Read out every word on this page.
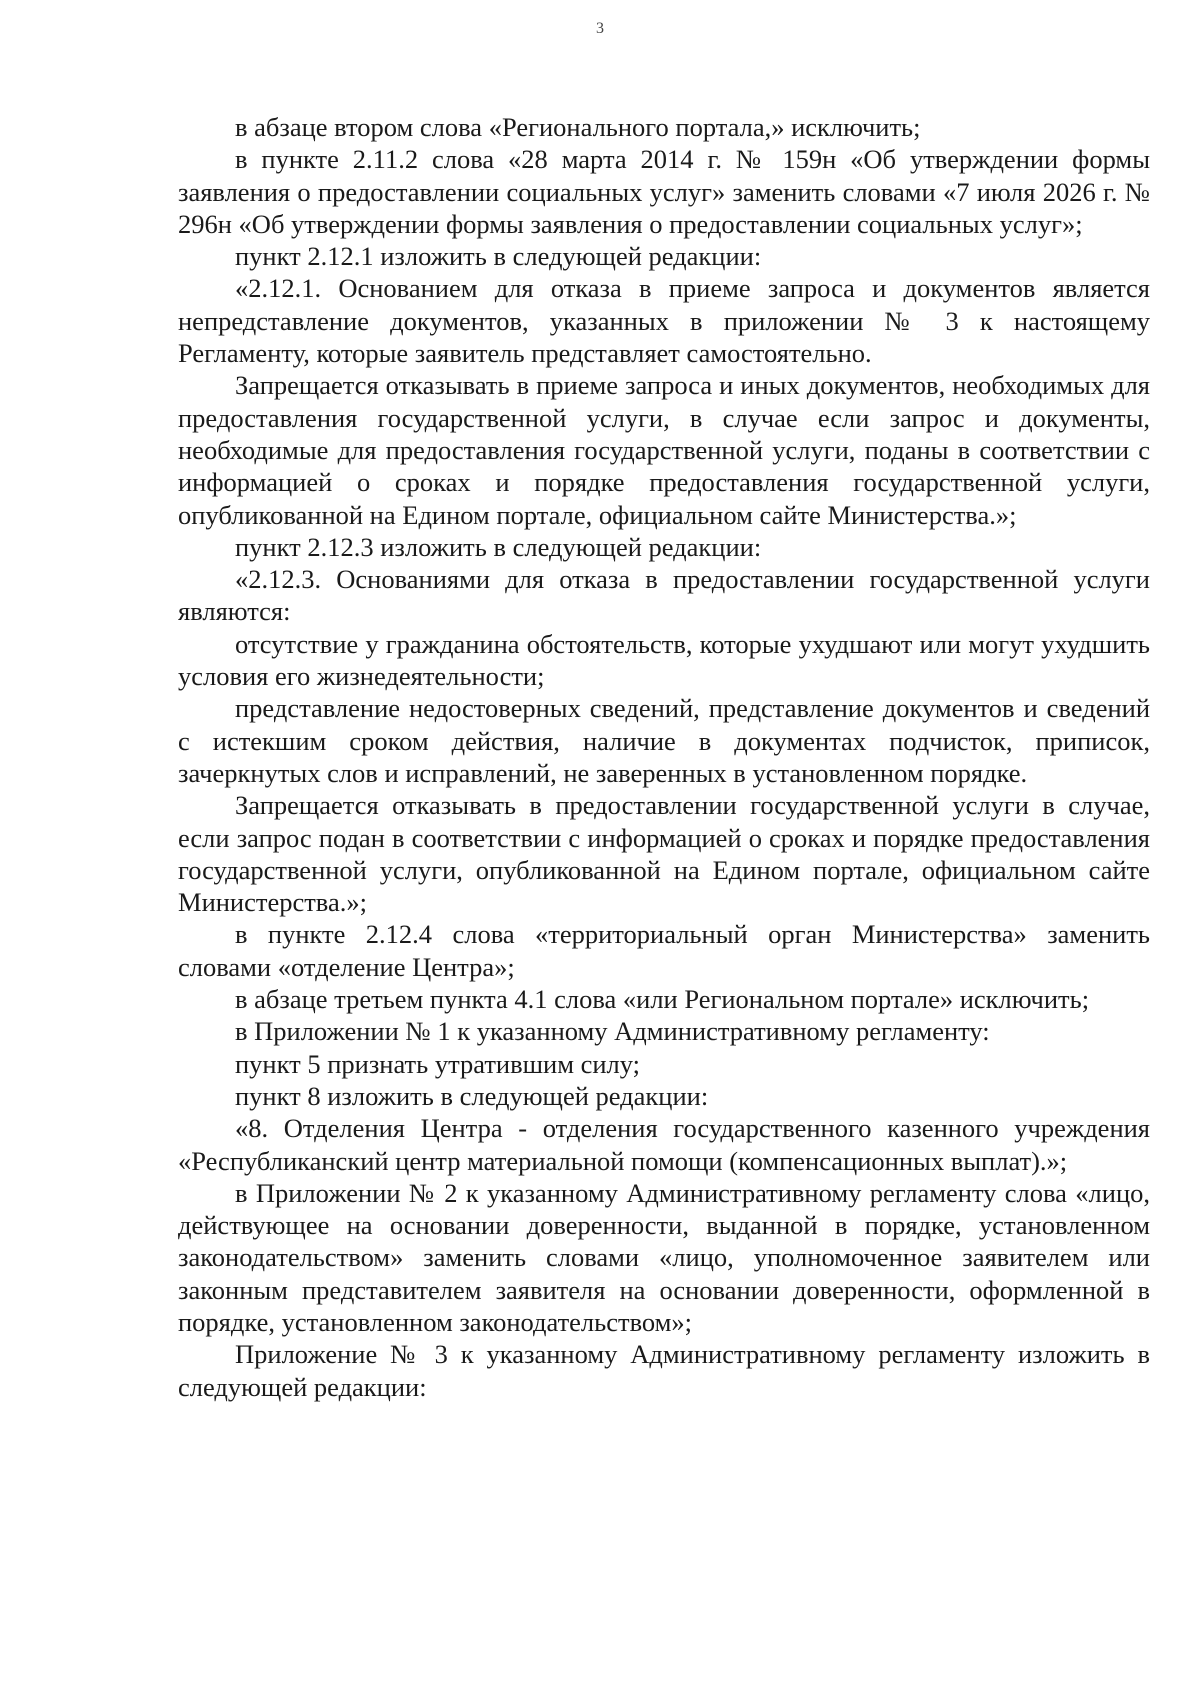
3

в абзаце втором слова «Регионального портала,» исключить;

в пункте 2.11.2 слова «28 марта 2014 г. № 159н «Об утверждении формы заявления о предоставлении социальных услуг» заменить словами «7 июля 2026 г. № 296н «Об утверждении формы заявления о предоставлении социальных услуг»;

пункт 2.12.1 изложить в следующей редакции:

«2.12.1. Основанием для отказа в приеме запроса и документов является непредставление документов, указанных в приложении № 3 к настоящему Регламенту, которые заявитель представляет самостоятельно.

Запрещается отказывать в приеме запроса и иных документов, необходимых для предоставления государственной услуги, в случае если запрос и документы, необходимые для предоставления государственной услуги, поданы в соответствии с информацией о сроках и порядке предоставления государственной услуги, опубликованной на Едином портале, официальном сайте Министерства.»;

пункт 2.12.3 изложить в следующей редакции:

«2.12.3. Основаниями для отказа в предоставлении государственной услуги являются:

отсутствие у гражданина обстоятельств, которые ухудшают или могут ухудшить условия его жизнедеятельности;

представление недостоверных сведений, представление документов и сведений с истекшим сроком действия, наличие в документах подчисток, приписок, зачеркнутых слов и исправлений, не заверенных в установленном порядке.

Запрещается отказывать в предоставлении государственной услуги в случае, если запрос подан в соответствии с информацией о сроках и порядке предоставления государственной услуги, опубликованной на Едином портале, официальном сайте Министерства.»;

в пункте 2.12.4 слова «территориальный орган Министерства» заменить словами «отделение Центра»;

в абзаце третьем пункта 4.1 слова «или Региональном портале» исключить;

в Приложении № 1 к указанному Административному регламенту:

пункт 5 признать утратившим силу;

пункт 8 изложить в следующей редакции:

«8. Отделения Центра - отделения государственного казенного учреждения «Республиканский центр материальной помощи (компенсационных выплат).»;

в Приложении № 2 к указанному Административному регламенту слова «лицо, действующее на основании доверенности, выданной в порядке, установленном законодательством» заменить словами «лицо, уполномоченное заявителем или законным представителем заявителя на основании доверенности, оформленной в порядке, установленном законодательством»;

Приложение № 3 к указанному Административному регламенту изложить в следующей редакции:
